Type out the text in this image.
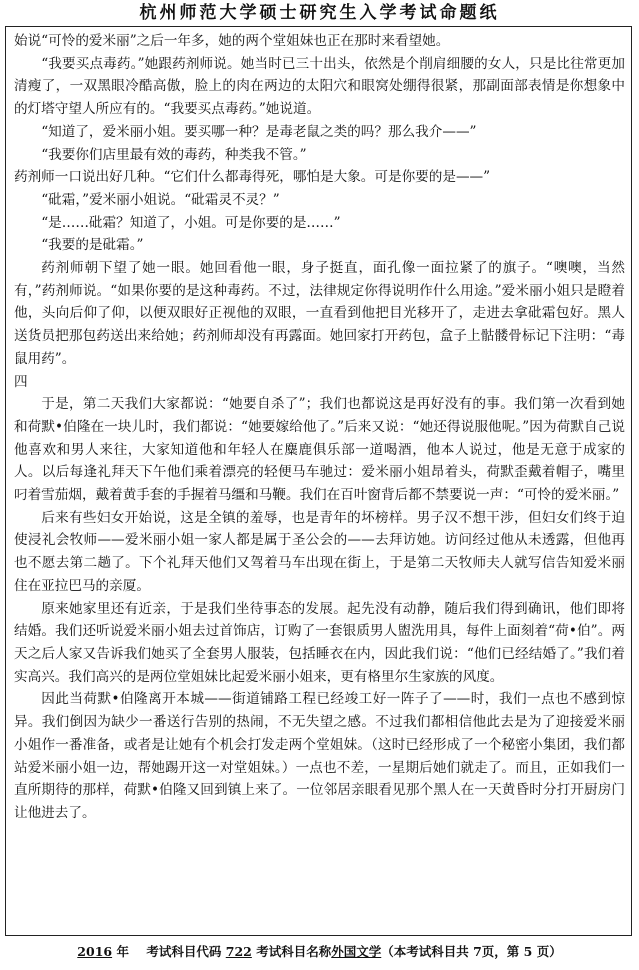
杭州师范大学硕士研究生入学考试命题纸

始说“可怜的爱米丽”之后一年多，她的两个堂姐妹也正在那时来看望她。

“我要买点毒药。”她跟药剂师说。她当时已三十出头，依然是个削肩细腰的女人，只是比往常更加清瘦了，一双黑眼冷酷高傲，脸上的肉在两边的太阳穴和眼窝处绷得很紧，那副面部表情是你想象中的灯塔守望人所应有的。“我要买点毒药。”她说道。

“知道了，爱米丽小姐。要买哪一种？是毒老鼠之类的吗？那么我介——”

“我要你们店里最有效的毒药，种类我不管。”

药剂师一口说出好几种。“它们什么都毒得死，哪怕是大象。可是你要的是——”

“砒霜，”爱米丽小姐说。“砒霜灵不灵？”

“是……砒霜？知道了，小姐。可是你要的是……”

“我要的是砒霜。”

药剂师朝下望了她一眼。她回看他一眼，身子挺直，面孔像一面拉紧了的旗子。“噢噢，当然有，”药剂师说。“如果你要的是这种毒药。不过，法律规定你得说明作什么用途。”爱米丽小姐只是瞪着他，头向后仰了仰，以便双眼好正视他的双眼，一直看到他把目光移开了，走进去拿砒霜包好。黑人送货员把那包药送出来给她；药剂师却没有再露面。她回家打开药包，盒子上骷髅骨标记下注明：“毒鼠用药”。

四

于是，第二天我们大家都说：“她要自杀了”；我们也都说这是再好没有的事。我们第一次看到她和荷默•伯隆在一块儿时，我们都说：“她要嫁给他了。”后来又说：“她还得说服他呢。”因为荷默自己说他喜欢和男人来往，大家知道他和年轻人在麋鹿俱乐部一道喝酒，他本人说过，他是无意于成家的人。以后每逢礼拜天下午他们乘着漂亮的轻便马车驰过：爱米丽小姐昂着头，荷默歪戴着帽子，嘴里叼着雪茄烟，戴着黄手套的手握着马缰和马鞭。我们在百叶窗背后都不禁要说一声：“可怜的爱米丽。”

后来有些妇女开始说，这是全镇的羞辱，也是青年的坏榜样。男子汉不想干涉，但妇女们终于迫使浸礼会牧师——爱米丽小姐一家人都是属于圣公会的——去拜访她。访问经过他从未透露，但他再也不愿去第二趟了。下个礼拜天他们又驾着马车出现在街上，于是第二天牧师夫人就写信告知爱米丽住在亚拉巴马的亲厦。

原来她家里还有近亲，于是我们坐待事态的发展。起先没有动静，随后我们得到确讯，他们即将结婚。我们还听说爱米丽小姐去过首饰店，订购了一套银质男人盥洗用具，每件上面刻着“荷•伯”。两天之后人家又告诉我们她买了全套男人服装，包括睡衣在内，因此我们说：“他们已经结婚了。”我们着实高兴。我们高兴的是两位堂姐妹比起爱米丽小姐来，更有格里尔生家族的风度。

因此当荷默•伯隆离开本城——街道铺路工程已经竣工好一阵子了——时，我们一点也不感到惊异。我们倒因为缺少一番送行告别的热闹，不无失望之感。不过我们都相信他此去是为了迎接爱米丽小姐作一番准备，或者是让她有个机会打发走两个堂姐妹。（这时已经形成了一个秘密小集团，我们都站爱米丽小姐一边，帮她踢开这一对堂姐妹。）一点也不差，一星期后她们就走了。而且，正如我们一直所期待的那样，荷默•伯隆又回到镇上来了。一位邻居亲眼看见那个黑人在一天黄昏时分打开厨房门让他进去了。

2016 年 考试科目代码 722 考试科目名称外国文学（本考试科目共 7页，第 5 页）
